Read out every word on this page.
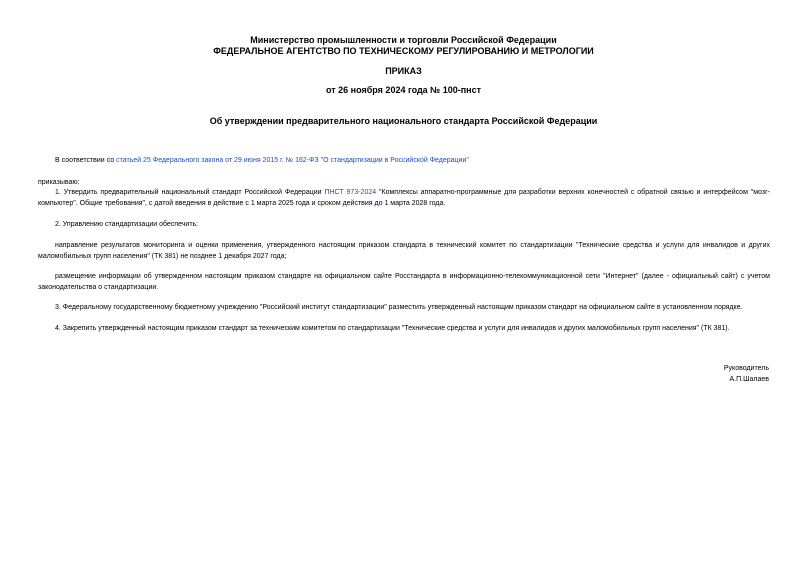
Министерство промышленности и торговли Российской Федерации
ФЕДЕРАЛЬНОЕ АГЕНТСТВО ПО ТЕХНИЧЕСКОМУ РЕГУЛИРОВАНИЮ И МЕТРОЛОГИИ
ПРИКАЗ
от 26 ноября 2024 года № 100-пнст
Об утверждении предварительного национального стандарта Российской Федерации
В соответствии со статьей 25 Федерального закона от 29 июня 2015 г. № 162-ФЗ "О стандартизации в Российской Федерации"
приказываю:
1. Утвердить предварительный национальный стандарт Российской Федерации ПНСТ 973-2024 "Комплексы аппаратно-программные для разработки верхних конечностей с обратной связью и интерфейсом "мозг-компьютер". Общие требования", с датой введения в действие с 1 марта 2025 года и сроком действия до 1 марта 2028 года.
2. Управлению стандартизации обеспечить:
направление результатов мониторинга и оценки применения, утвержденного настоящим приказом стандарта в технический комитет по стандартизации "Технические средства и услуги для инвалидов и других маломобильных групп населения" (ТК 381) не позднее 1 декабря 2027 года;
размещение информации об утвержденном настоящим приказом стандарте на официальном сайте Росстандарта в информационно-телекоммуникационной сети "Интернет" (далее - официальный сайт) с учетом законодательства о стандартизации.
3. Федеральному государственному бюджетному учреждению "Российский институт стандартизации" разместить утвержденный настоящим приказом стандарт на официальном сайте в установленном порядке.
4. Закрепить утвержденный настоящим приказом стандарт за техническим комитетом по стандартизации "Технические средства и услуги для инвалидов и других маломобильных групп населения" (ТК 381).
Руководитель
А.П.Шалаев
